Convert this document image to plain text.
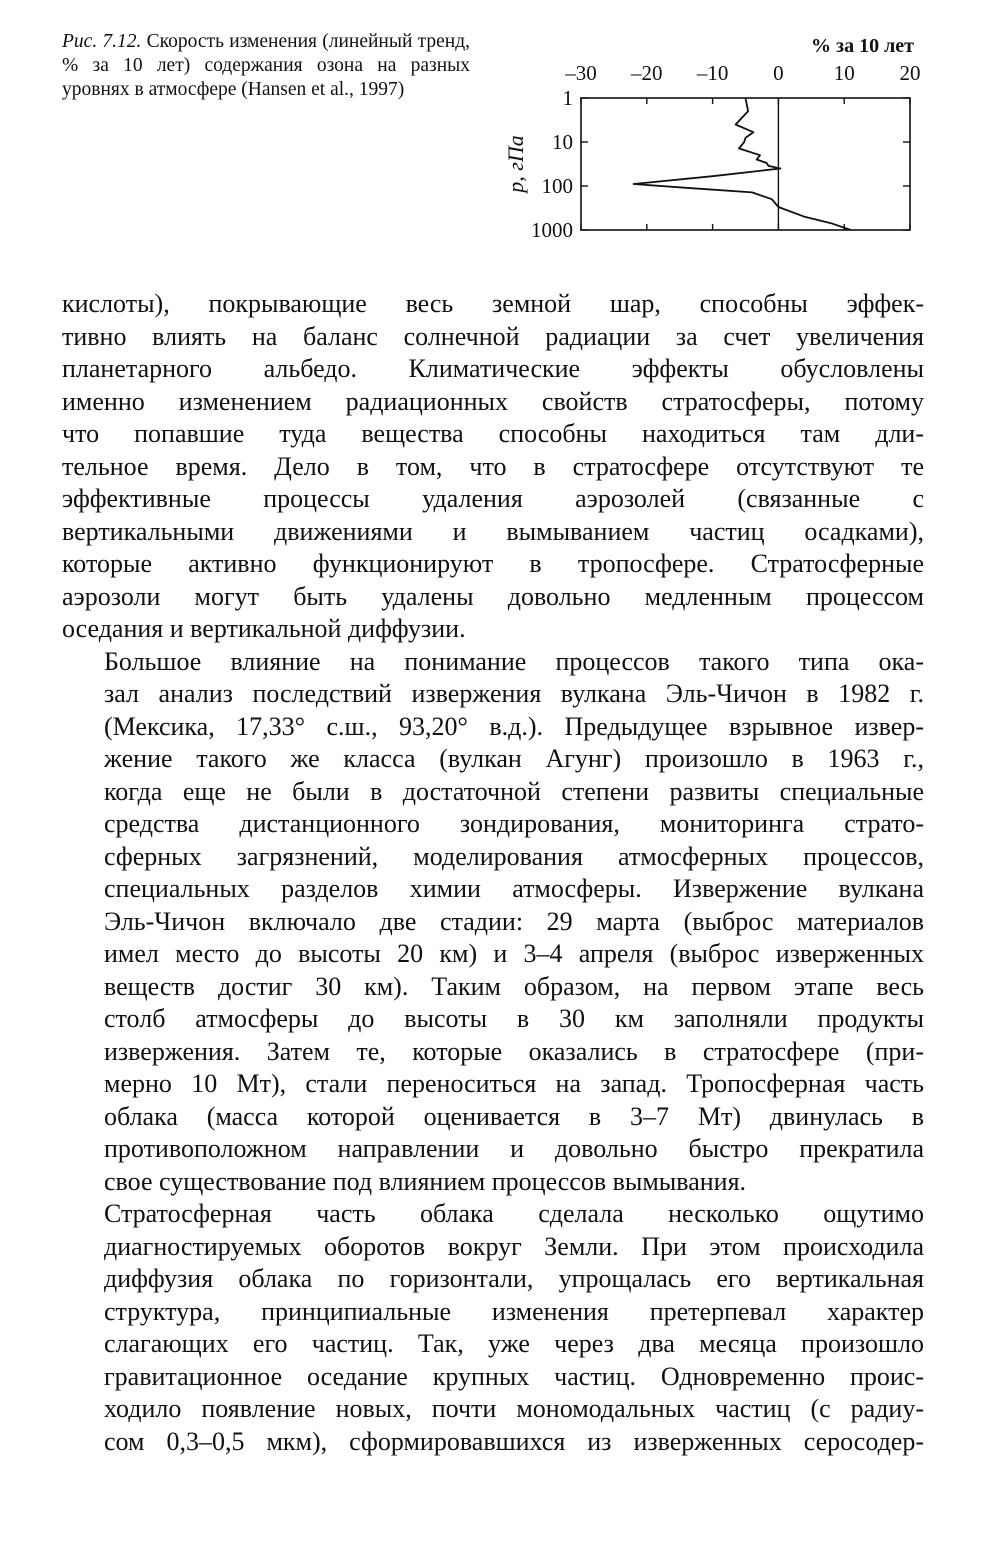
Рис. 7.12. Скорость изменения (линейный тренд, % за 10 лет) содержания озона на разных уровнях в атмосфере (Hansen et al., 1997)
% за 10 лет
–30 –20 –10 0 10 20
1
10
100
1000
p, гПа

кислоты), покрывающие весь земной шар, способны эффек-
тивно влиять на баланс солнечной радиации за счет увеличения
планетарного альбедо. Климатические эффекты обусловлены
именно изменением радиационных свойств стратосферы, потому
что попавшие туда вещества способны находиться там дли-
тельное время. Дело в том, что в стратосфере отсутствуют те
эффективные процессы удаления аэрозолей (связанные с
вертикальными движениями и вымыванием частиц осадками),
которые активно функционируют в тропосфере. Стратосферные
аэрозоли могут быть удалены довольно медленным процессом
оседания и вертикальной диффузии.

Большое влияние на понимание процессов такого типа ока-
зал анализ последствий извержения вулкана Эль-Чичон в 1982 г.
(Мексика, 17,33° с.ш., 93,20° в.д.). Предыдущее взрывное извер-
жение такого же класса (вулкан Агунг) произошло в 1963 г.,
когда еще не были в достаточной степени развиты специальные
средства дистанционного зондирования, мониторинга страто-
сферных загрязнений, моделирования атмосферных процессов,
специальных разделов химии атмосферы. Извержение вулкана
Эль-Чичон включало две стадии: 29 марта (выброс материалов
имел место до высоты 20 км) и 3–4 апреля (выброс изверженных
веществ достиг 30 км). Таким образом, на первом этапе весь
столб атмосферы до высоты в 30 км заполняли продукты
извержения. Затем те, которые оказались в стратосфере (при-
мерно 10 Мт), стали переноситься на запад. Тропосферная часть
облака (масса которой оценивается в 3–7 Мт) двинулась в
противоположном направлении и довольно быстро прекратила
свое существование под влиянием процессов вымывания.

Стратосферная часть облака сделала несколько ощутимо
диагностируемых оборотов вокруг Земли. При этом происходила
диффузия облака по горизонтали, упрощалась его вертикальная
структура, принципиальные изменения претерпевал характер
слагающих его частиц. Так, уже через два месяца произошло
гравитационное оседание крупных частиц. Одновременно проис-
ходило появление новых, почти мономодальных частиц (с радиу-
сом 0,3–0,5 мкм), сформировавшихся из изверженных серосодер-
